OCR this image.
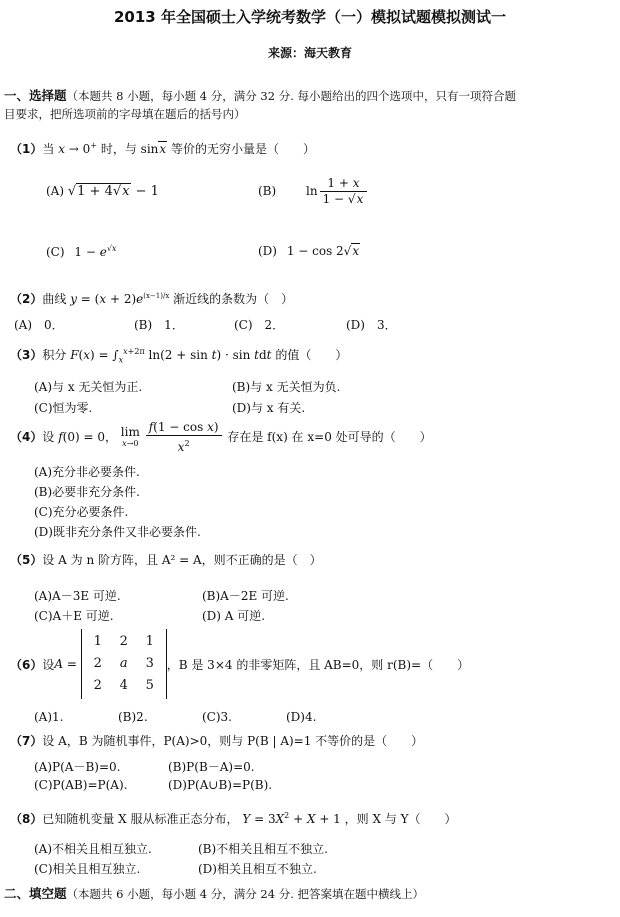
2013 年全国硕士入学统考数学（一）模拟试题模拟测试一
来源：海天教育
一、选择题（本题共 8 小题，每小题 4 分，满分 32 分. 每小题给出的四个选项中，只有一项符合题
目要求，把所选项前的字母填在题后的括号内）
（1）当 x → 0+ 时，与 sinx 等价的无穷小量是（　　）
(A) √1 + 4√x − 1	(B) $\ln \frac{1 + x}{1 - √x}$
(C) $1 - e^{√x}$	(D) 1 − cos 2√x
（2）曲线 $y = (x + 2)e^{(x-1)/x}$ 渐近线的条数为（　）
(A)　0．	(B)　1．	(C)　2．	(D)　3．
（3）积分 $F(x) = \int_x^{x+2\pi}$ ln(2 + sin t) · sin tdt 的值（　　）
(A)与 x 无关恒为正.	(B)与 x 无关恒为负.
(C)恒为零.	(D)与 x 有关.
（4）设 f(0) = 0， lim
x→0
$\frac{\text{f(1 − cos x)}}{x^2}$ 存在是 f(x) 在 x=0 处可导的（　　）
(A)充分非必要条件.
(B)必要非充分条件.
(C)充分必要条件.
(D)既非充分条件又非必要条件.
（5）设 A 为 n 阶方阵，且 A² = A，则不正确的是（　）
(A)A－3E 可逆.	(B)A－2E 可逆.
(C)A＋E 可逆.	(D) A 可逆.
（6） 设 A =
1	2	1
2	a	3
2	4	5
，B 是 3×4 的非零矩阵，且 AB=0，则 r(B)=（　　）
(A)1.	(B)2.	(C)3.	(D)4.
（7）设 A，B 为随机事件，P(A)>0，则与 P(B | A)=1 不等价的是（　　）
(A)P(A－B)=0.	(B)P(B－A)=0.
(C)P(AB)=P(A).	(D)P(A∪B)=P(B).
（8）已知随机变量 X 服从标准正态分布， $Y = 3X^2 + X + 1$ ，则 X 与 Y（　　）
(A)不相关且相互独立.	(B)不相关且相互不独立.
(C)相关且相互独立.	(D)相关且相互不独立.
二、填空题（本题共 6 小题，每小题 4 分，满分 24 分. 把答案填在题中横线上）
